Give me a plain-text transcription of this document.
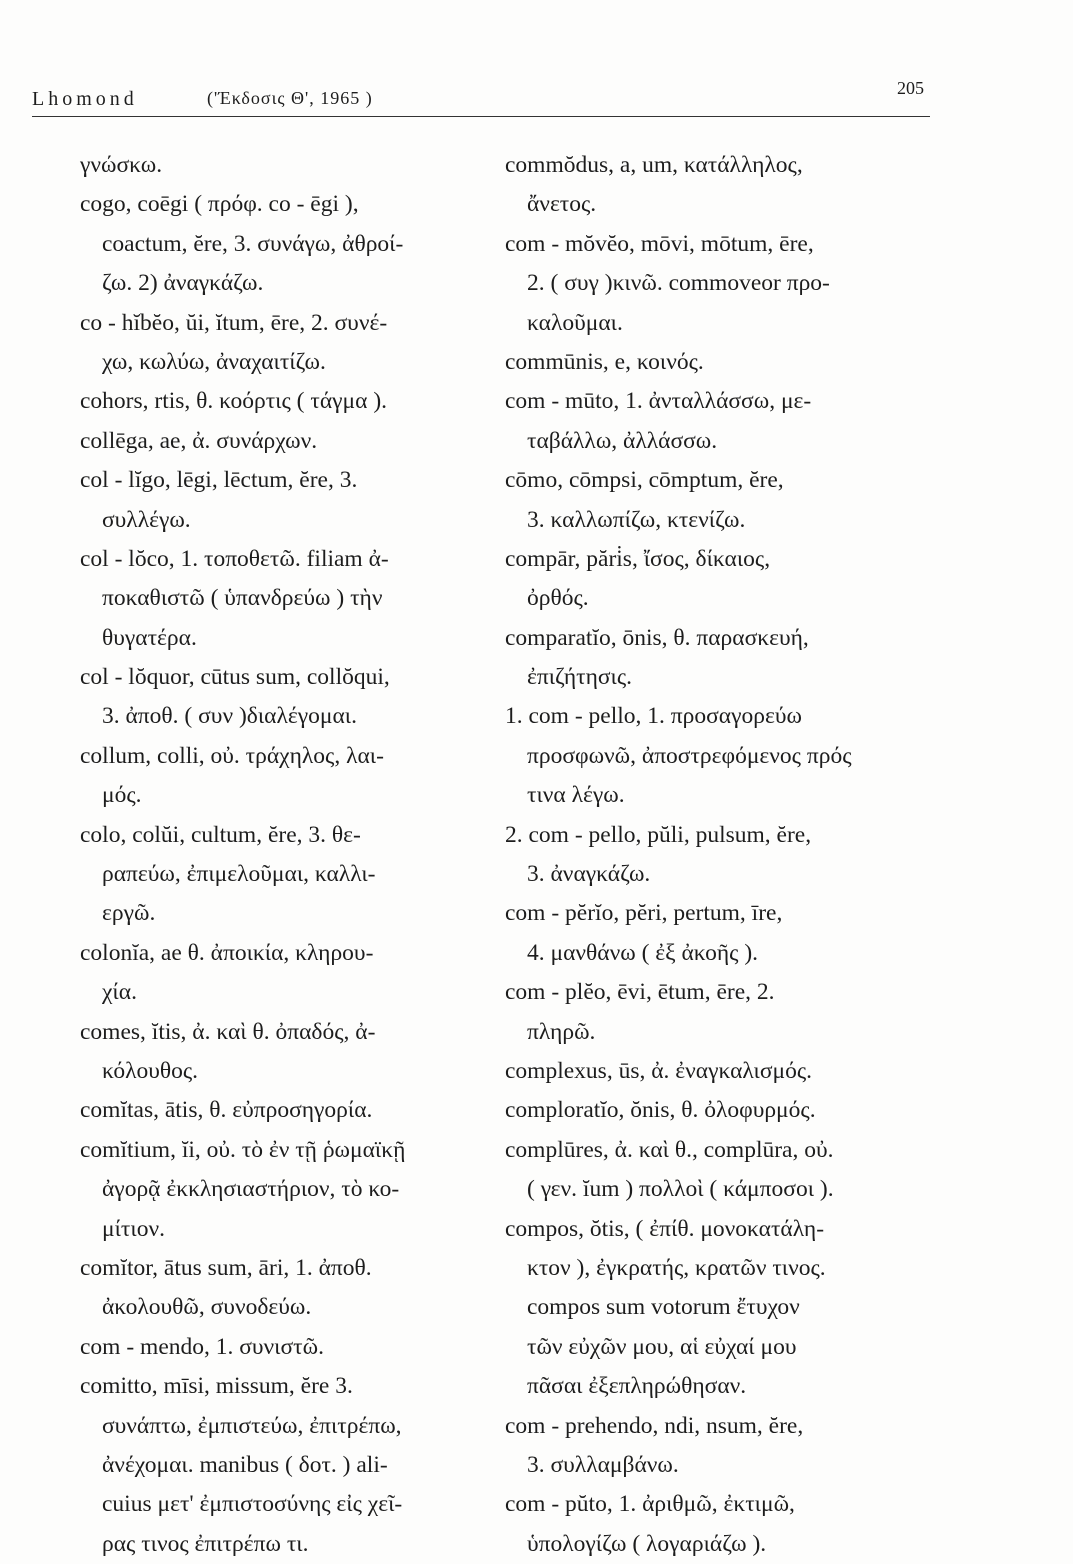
Lhomond	('Έκδοσις Θ', 1965 )	205
γνώσκω.
cogo, coēgi ( πρόφ. co - ēgi ),
coactum, ĕre, 3. συνάγω, ἀθροί-
ζω. 2) ἀναγκάζω.
co - hĭbĕo, ŭi, ĭtum, ēre, 2. συνέ-
χω, κωλύω, ἀναχαιτίζω.
cohors, rtis, θ. κοόρτις ( τάγμα ).
collēga, ae, ἀ. συνάρχων.
col - lĭgo, lēgi, lēctum, ĕre, 3.
συλλέγω.
col - lŏco, 1. τοποθετῶ. filiam ἀ-
ποκαθιστῶ ( ὑπανδρεύω ) τὴν
θυγατέρα.
col - lŏquor, cūtus sum, collŏqui,
3. ἀποθ. ( συν )διαλέγομαι.
collum, colli, οὐ. τράχηλος, λαι-
μός.
colo, colŭi, cultum, ĕre, 3. θε-
ραπεύω, ἐπιμελοῦμαι, καλλι-
εργῶ.
colonĭa, ae θ. ἀποικία, κληρου-
χία.
comes, ĭtis, ἀ. καὶ θ. ὀπαδός, ἀ-
κόλουθος.
comĭtas, ātis, θ. εὐπροσηγορία.
comĭtium, ĭi, οὐ. τὸ ἐν τῇ ῥωμαϊκῇ
ἀγορᾷ ἐκκλησιαστήριον, τὸ κο-
μίτιον.
comĭtor, ātus sum, āri, 1. ἀποθ.
ἀκολουθῶ, συνοδεύω.
com - mendo, 1. συνιστῶ.
comitto, mīsi, missum, ĕre 3.
συνάπτω, ἐμπιστεύω, ἐπιτρέπω,
ἀνέχομαι. manibus ( δοτ. ) ali-
cuius μετ' ἐμπιστοσύνης εἰς χεῖ-
ρας τινος ἐπιτρέπω τι.
commŏdus, a, um, κατάλληλος,
ἄνετος.
com - mŏvĕo, mōvi, mōtum, ēre,
2. ( συγ )κινῶ. commoveor προ-
καλοῦμαι.
commūnis, e, κοινός.
com - mūto, 1. ἀνταλλάσσω, με-
ταβάλλω, ἀλλάσσω.
cōmo, cōmpsi, cōmptum, ĕre,
3. καλλωπίζω, κτενίζω.
compār, pări̇s, ἴσος, δίκαιος,
ὀρθός.
comparatĭo, ōnis, θ. παρασκευή,
ἐπιζήτησις.
1. com - pello, 1. προσαγορεύω
προσφωνῶ, ἀποστρεφόμενος πρός
τινα λέγω.
2. com - pello, pŭli, pulsum, ĕre,
3. ἀναγκάζω.
com - pĕrĭo, pĕri, pertum, īre,
4. μανθάνω ( ἐξ ἀκοῆς ).
com - plĕo, ēvi, ētum, ēre, 2.
πληρῶ.
complexus, ūs, ἀ. ἐναγκαλισμός.
comploratĭo, ŏnis, θ. ὀλοφυρμός.
complūres, ἀ. καὶ θ., complūra, οὐ.
( γεν. ĭum ) πολλοὶ ( κάμποσοι ).
compos, ŏtis, ( ἐπίθ. μονοκατάλη-
κτον ), ἐγκρατής, κρατῶν τινος.
compos sum votorum ἔτυχον
τῶν εὐχῶν μου, αἱ εὐχαί μου
πᾶσαι ἐξεπληρώθησαν.
com - prehendo, ndi, nsum, ĕre,
3. συλλαμβάνω.
com - pŭto, 1. ἀριθμῶ, ἐκτιμῶ,
ὑπολογίζω ( λογαριάζω ).
